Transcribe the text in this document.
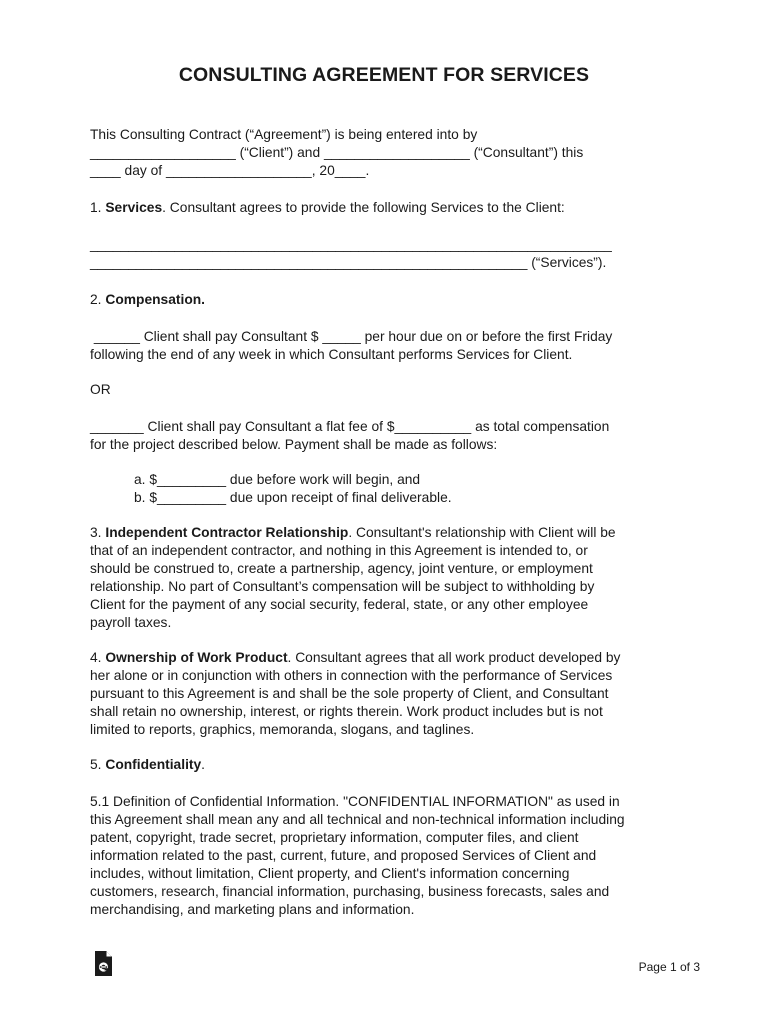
CONSULTING AGREEMENT FOR SERVICES

This Consulting Contract (“Agreement”) is being entered into by
___________________ (“Client”) and ___________________ (“Consultant”) this
____ day of ___________________, 20____.

1. Services. Consultant agrees to provide the following Services to the Client:

____________________________________________________________________
_________________________________________________________ (“Services”).

2. Compensation.

______ Client shall pay Consultant $ _____ per hour due on or before the first Friday
following the end of any week in which Consultant performs Services for Client.

OR

_______ Client shall pay Consultant a flat fee of $__________ as total compensation
for the project described below. Payment shall be made as follows:

a. $_________ due before work will begin, and
b. $_________ due upon receipt of final deliverable.

3. Independent Contractor Relationship. Consultant's relationship with Client will be
that of an independent contractor, and nothing in this Agreement is intended to, or
should be construed to, create a partnership, agency, joint venture, or employment
relationship. No part of Consultant’s compensation will be subject to withholding by
Client for the payment of any social security, federal, state, or any other employee
payroll taxes.

4. Ownership of Work Product. Consultant agrees that all work product developed by
her alone or in conjunction with others in connection with the performance of Services
pursuant to this Agreement is and shall be the sole property of Client, and Consultant
shall retain no ownership, interest, or rights therein. Work product includes but is not
limited to reports, graphics, memoranda, slogans, and taglines.

5. Confidentiality.

5.1 Definition of Confidential Information. "CONFIDENTIAL INFORMATION" as used in
this Agreement shall mean any and all technical and non-technical information including
patent, copyright, trade secret, proprietary information, computer files, and client
information related to the past, current, future, and proposed Services of Client and
includes, without limitation, Client property, and Client's information concerning
customers, research, financial information, purchasing, business forecasts, sales and
merchandising, and marketing plans and information.

Page 1 of 3
